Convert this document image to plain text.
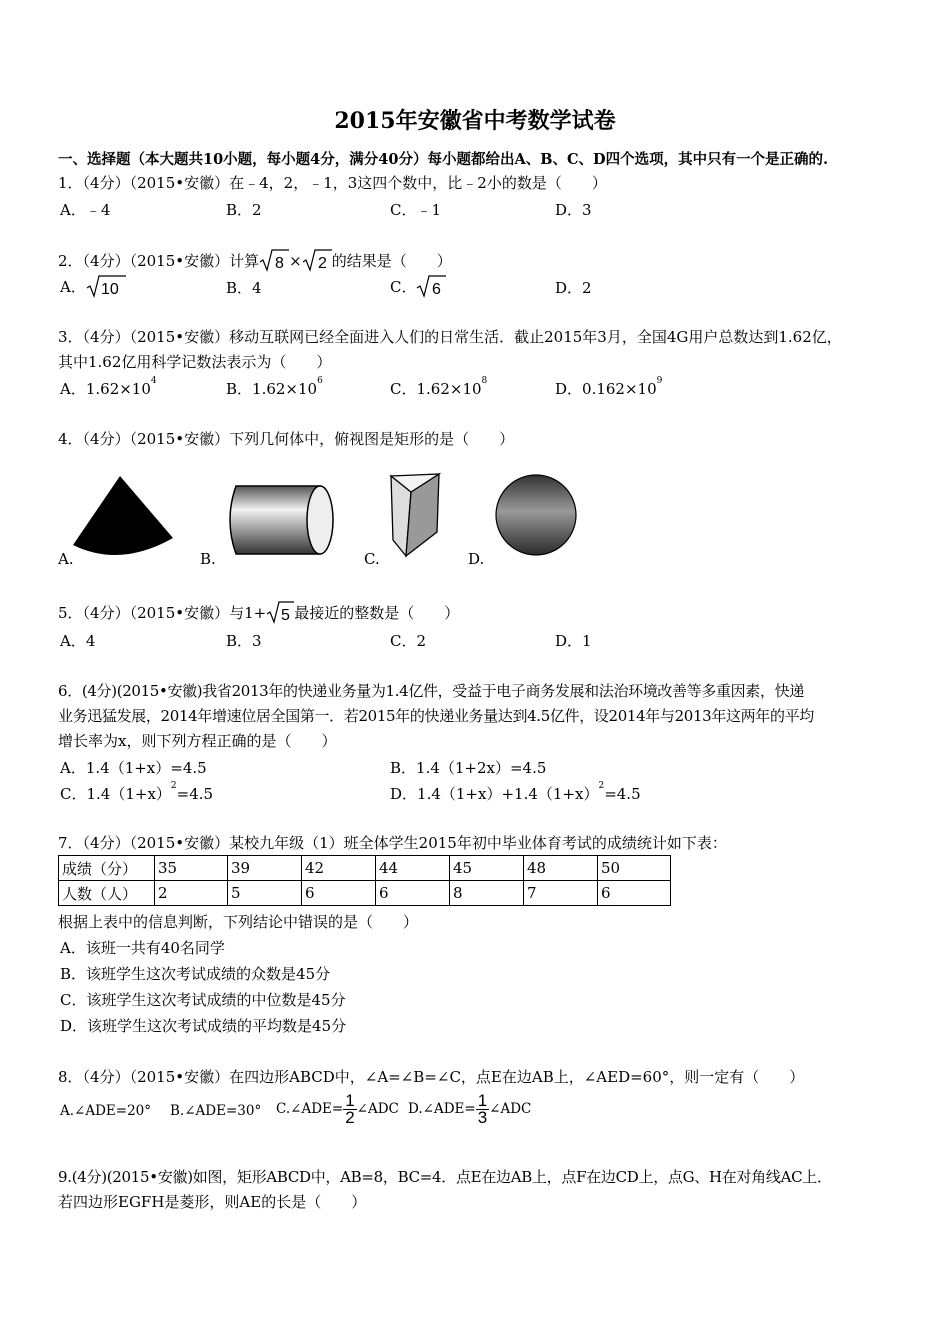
2015年安徽省中考数学试卷
一、选择题（本大题共10小题，每小题4分，满分40分）每小题都给出A、B、C、D四个选项，其中只有一个是正确的.
1．（4分）（2015•安徽）在﹣4，2，﹣1，3这四个数中，比﹣2小的数是（　　）
A．﹣4	B．2	C．﹣1	D．3
2．（4分）（2015•安徽）计算 8 × 2 的结果是（　　）
A． 10	B．4	C． 6	D．2
3．（4分）（2015•安徽）移动互联网已经全面进入人们的日常生活．截止2015年3月，全国4G用户总数达到1.62亿，
其中1.62亿用科学记数法表示为（　　）
A．$1.62\times 10^4$	B．$1.62\times 10^6$	C．$1.62\times 10^8$	D．$0.162\times 10^9$
4．（4分）（2015•安徽）下列几何体中，俯视图是矩形的是（　　）
A.	B.	C.	D.
5．（4分）（2015•安徽）与1+ 5 最接近的整数是（　　）
A．4	B．3	C．2	D．1
6．(4分)(2015•安徽)我省2013年的快递业务量为1.4亿件，受益于电子商务发展和法治环境改善等多重因素，快递
业务迅猛发展，2014年增速位居全国第一．若2015年的快递业务量达到4.5亿件，设2014年与2013年这两年的平均
增长率为x，则下列方程正确的是（　　）
A．1.4（1+x）=4.5	B．1.4（1+2x）=4.5
C．$1.4(1+x)^2=4.5$	D．$1.4(1+x)+1.4(1+x)^2=4.5$
7．（4分）（2015•安徽）某校九年级（1）班全体学生2015年初中毕业体育考试的成绩统计如下表：
成绩（分）	35	39	42	44	45	48	50
人数（人）	2	5	6	6	8	7	6
根据上表中的信息判断，下列结论中错误的是（　　）
A．该班一共有40名同学
B．该班学生这次考试成绩的众数是45分
C．该班学生这次考试成绩的中位数是45分
D．该班学生这次考试成绩的平均数是45分
8．（4分）（2015•安徽）在四边形ABCD中，∠A=∠B=∠C，点E在边AB上，∠AED=60°，则一定有（　　）
A.∠ADE=20° B.∠ADE=30° C.∠ADE= $\frac{1}{2}$ ∠ADC D.∠ADE= $\frac{1}{3}$ ∠ADC
9.(4分)(2015•安徽)如图，矩形ABCD中，AB=8，BC=4．点E在边AB上，点F在边CD上，点G、H在对角线AC上．
若四边形EGFH是菱形，则AE的长是（　　）
